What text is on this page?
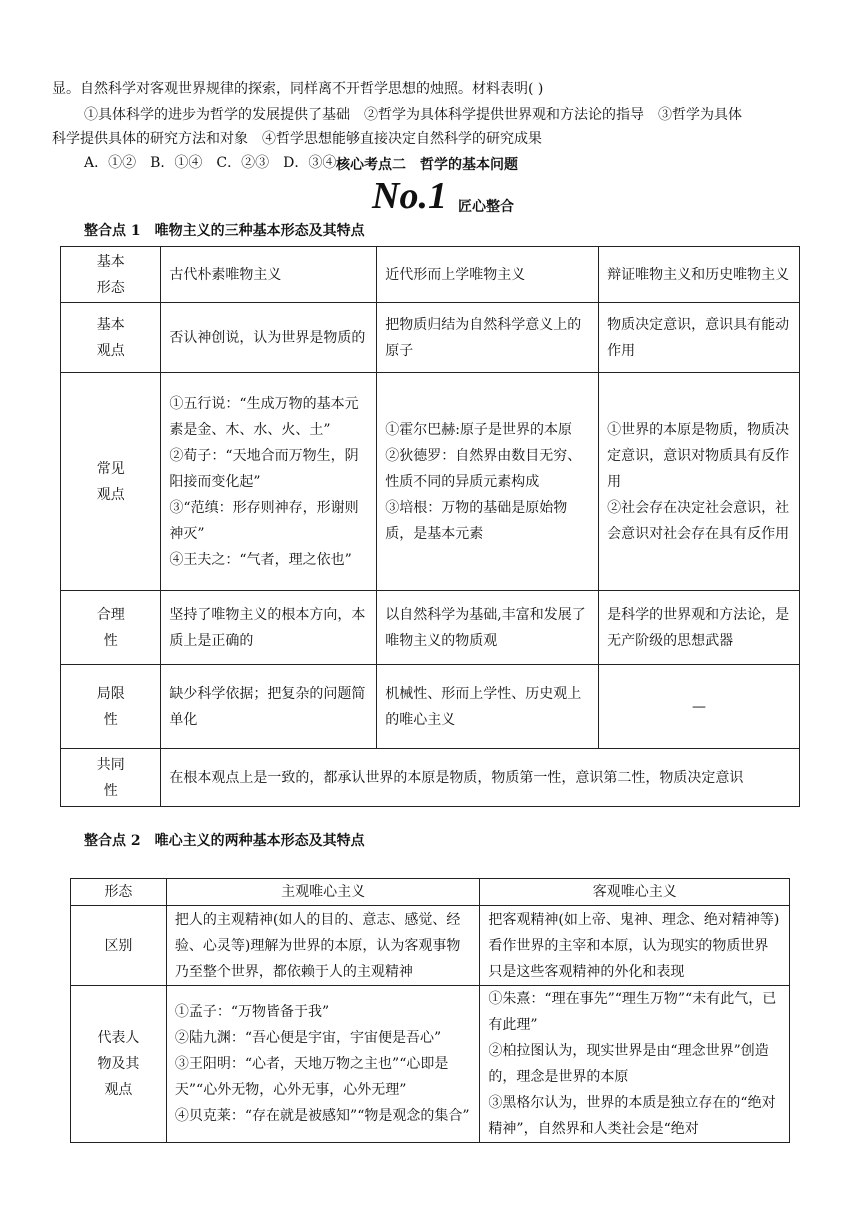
显。自然科学对客观世界规律的探索，同样离不开哲学思想的烛照。材料表明( )
①具体科学的进步为哲学的发展提供了基础　②哲学为具体科学提供世界观和方法论的指导　③哲学为具体
科学提供具体的研究方法和对象　④哲学思想能够直接决定自然科学的研究成果
A．①②　B．①④　C．②③　D．③④ 核心考点二　哲学的基本问题
No.1 匠心整合
整合点 1　唯物主义的三种基本形态及其特点
基本
形态	古代朴素唯物主义	近代形而上学唯物主义	辩证唯物主义和历史唯物主义
基本
观点	否认神创说，认为世界是物质的	把物质归结为自然科学意义上的原子	物质决定意识，意识具有能动作用
常见
观点	①五行说：“生成万物的基本元素是金、木、水、火、土”
②荀子：“天地合而万物生，阴阳接而变化起”
③“范缜：形存则神存，形谢则神灭”
④王夫之：“气者，理之依也”	①霍尔巴赫:原子是世界的本原
②狄德罗：自然界由数目无穷、性质不同的异质元素构成
③培根：万物的基础是原始物质，是基本元素	①世界的本原是物质，物质决定意识，意识对物质具有反作用
②社会存在决定社会意识，社会意识对社会存在具有反作用
合理
性	坚持了唯物主义的根本方向，本质上是正确的	以自然科学为基础,丰富和发展了唯物主义的物质观	是科学的世界观和方法论，是无产阶级的思想武器
局限
性	缺少科学依据；把复杂的问题简单化	机械性、形而上学性、历史观上的唯心主义	—
共同
性	在根本观点上是一致的，都承认世界的本原是物质，物质第一性，意识第二性，物质决定意识		
整合点 2　唯心主义的两种基本形态及其特点
形态	主观唯心主义	客观唯心主义
区别	把人的主观精神(如人的目的、意志、感觉、经验、心灵等)理解为世界的本原，认为客观事物乃至整个世界，都依赖于人的主观精神	把客观精神(如上帝、鬼神、理念、绝对精神等)看作世界的主宰和本原，认为现实的物质世界只是这些客观精神的外化和表现
代表人
物及其
观点	①孟子：“万物皆备于我”
②陆九渊：“吾心便是宇宙，宇宙便是吾心”
③王阳明：“心者，天地万物之主也”“心即是天”“心外无物，心外无事，心外无理”
④贝克莱：“存在就是被感知”“物是观念的集合”	①朱熹：“理在事先”“理生万物”“未有此气，已有此理”
②柏拉图认为，现实世界是由“理念世界”创造的，理念是世界的本原
③黑格尔认为，世界的本质是独立存在的“绝对精神”，自然界和人类社会是“绝对
